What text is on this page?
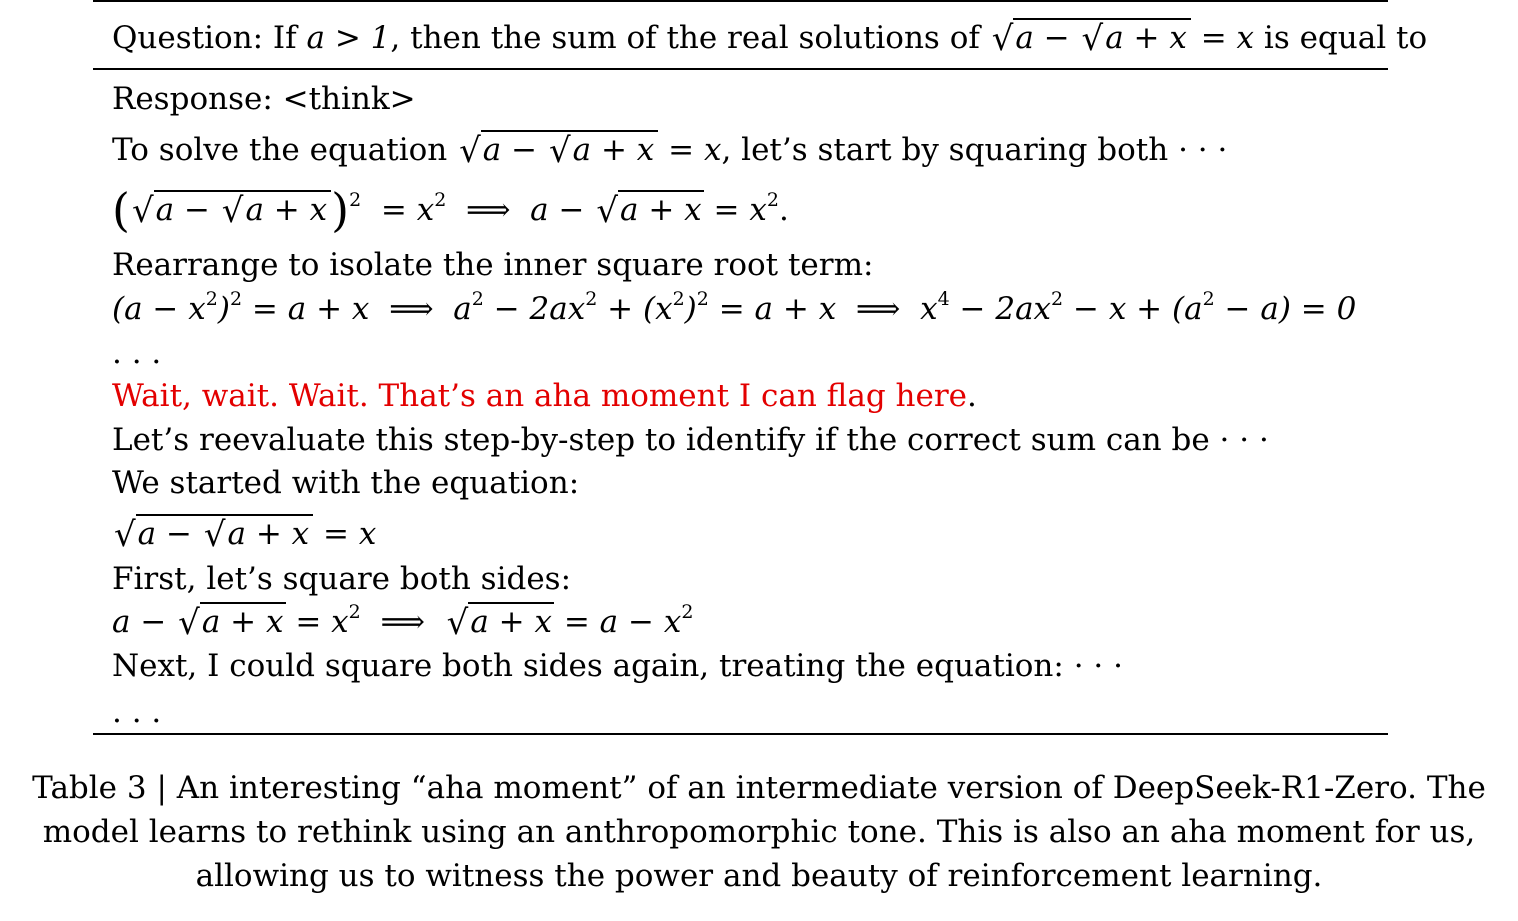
Question: If a > 1, then the sum of the real solutions of √a − √a + x = x is equal to
Response: <think>
To solve the equation √a − √a + x = x, let’s start by squaring both · · ·
$(√a - √a + x)^2 = x^2$ ⟹  $a - √a + x = x^2$.
Rearrange to isolate the inner square root term:
$(a - x^2)^2 = a + x$  ⟹  $a^2 - 2ax^2 + (x^2)^2 = a + x$  ⟹  $x^4 - 2ax^2 - x + (a^2 - a) = 0$
. . .
Wait, wait. Wait. That’s an aha moment I can flag here.
Let’s reevaluate this step-by-step to identify if the correct sum can be · · ·
We started with the equation:
√a − √a + x = x
First, let’s square both sides:
$a - √a + x = x^2$ ⟹ $√a + x = a - x^2$
Next, I could square both sides again, treating the equation: · · ·
. . .
Table 3 | An interesting “aha moment” of an intermediate version of DeepSeek-R1-Zero. The
model learns to rethink using an anthropomorphic tone. This is also an aha moment for us,
allowing us to witness the power and beauty of reinforcement learning.
